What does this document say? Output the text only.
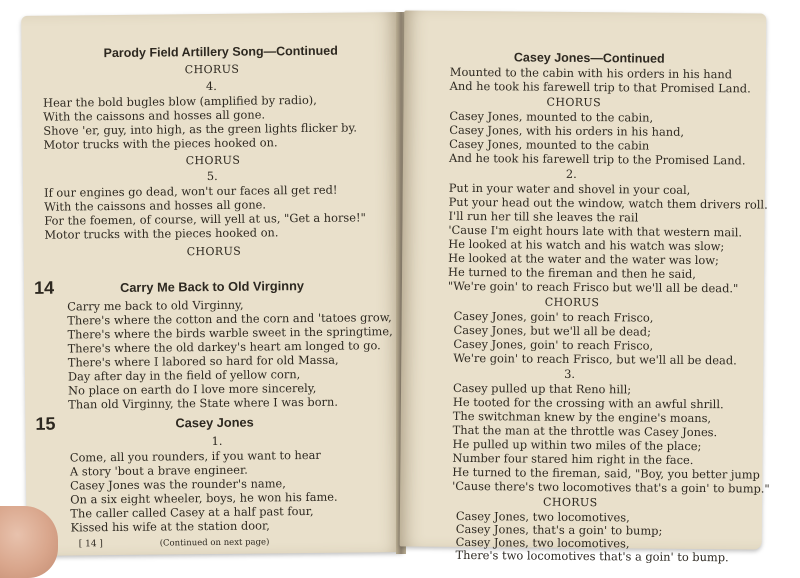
Parody Field Artillery Song—Continued
CHORUS
4.
Hear the bold bugles blow (amplified by radio),
With the caissons and hosses all gone.
Shove 'er, guy, into high, as the green lights flicker by.
Motor trucks with the pieces hooked on.
CHORUS
5.
If our engines go dead, won't our faces all get red!
With the caissons and hosses all gone.
For the foemen, of course, will yell at us, "Get a horse!"
Motor trucks with the pieces hooked on.
CHORUS
14	Carry Me Back to Old Virginny
Carry me back to old Virginny,
There's where the cotton and the corn and 'tatoes grow,
There's where the birds warble sweet in the springtime,
There's where the old darkey's heart am longed to go.
There's where I labored so hard for old Massa,
Day after day in the field of yellow corn,
No place on earth do I love more sincerely,
Than old Virginny, the State where I was born.
15	Casey Jones
1.
Come, all you rounders, if you want to hear
A story 'bout a brave engineer.
Casey Jones was the rounder's name,
On a six eight wheeler, boys, he won his fame.
The caller called Casey at a half past four,
Kissed his wife at the station door,
[ 14 ]	(Continued on next page)
Casey Jones—Continued
Mounted to the cabin with his orders in his hand
And he took his farewell trip to that Promised Land.
CHORUS
Casey Jones, mounted to the cabin,
Casey Jones, with his orders in his hand,
Casey Jones, mounted to the cabin
And he took his farewell trip to the Promised Land.
2.
Put in your water and shovel in your coal,
Put your head out the window, watch them drivers roll.
I'll run her till she leaves the rail
'Cause I'm eight hours late with that western mail.
He looked at his watch and his watch was slow;
He looked at the water and the water was low;
He turned to the fireman and then he said,
"We're goin' to reach Frisco but we'll all be dead."
CHORUS
Casey Jones, goin' to reach Frisco,
Casey Jones, but we'll all be dead;
Casey Jones, goin' to reach Frisco,
We're goin' to reach Frisco, but we'll all be dead.
3.
Casey pulled up that Reno hill;
He tooted for the crossing with an awful shrill.
The switchman knew by the engine's moans,
That the man at the throttle was Casey Jones.
He pulled up within two miles of the place;
Number four stared him right in the face.
He turned to the fireman, said, "Boy, you better jump
'Cause there's two locomotives that's a goin' to bump."
CHORUS
Casey Jones, two locomotives,
Casey Jones, that's a goin' to bump;
Casey Jones, two locomotives,
There's two locomotives that's a goin' to bump.
